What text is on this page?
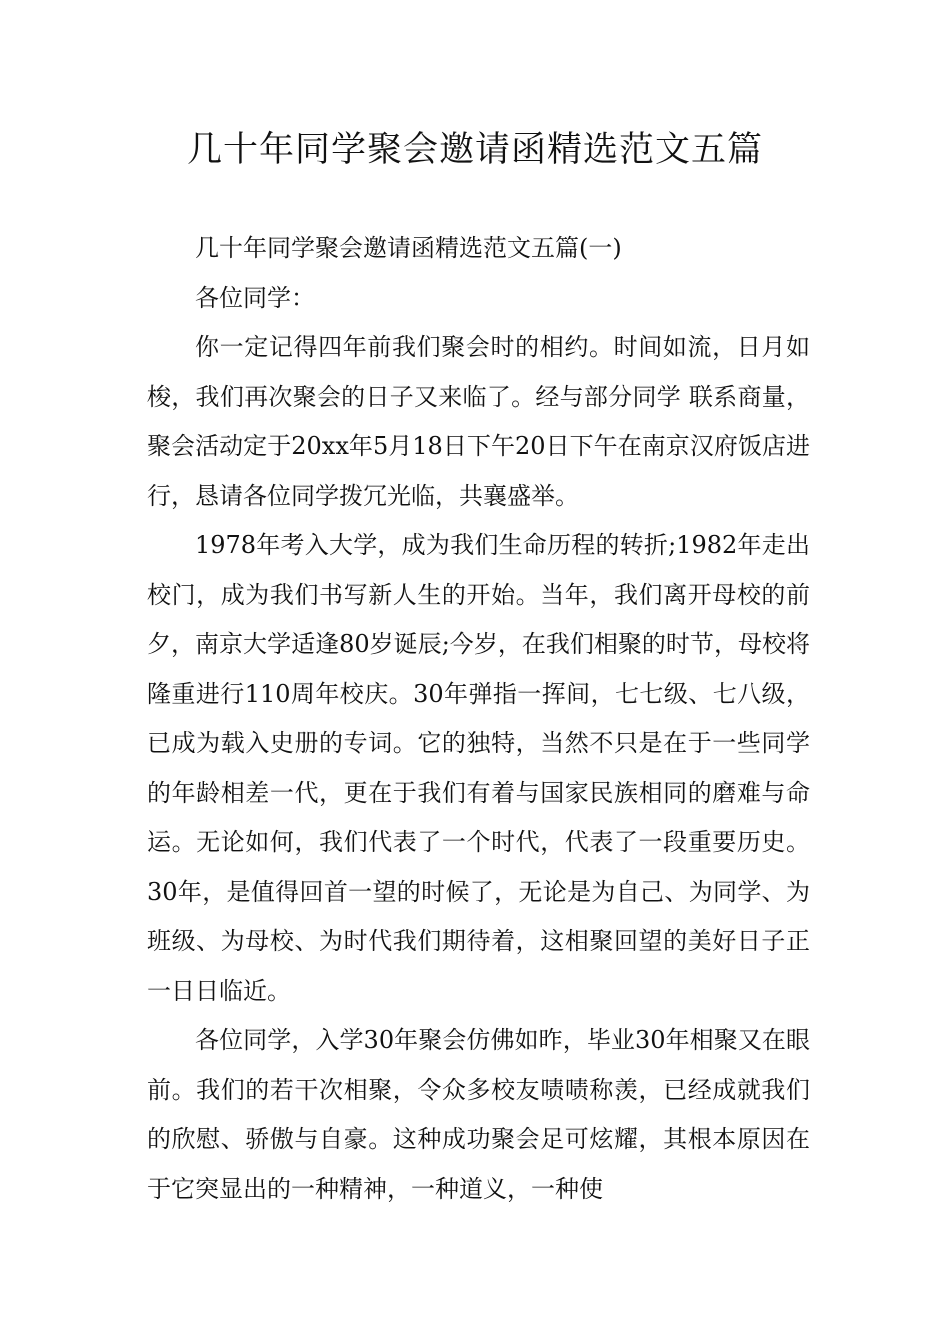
几十年同学聚会邀请函精选范文五篇

几十年同学聚会邀请函精选范文五篇(一)

各位同学：

你一定记得四年前我们聚会时的相约。时间如流，日月如梭，我们再次聚会的日子又来临了。经与部分同学 联系商量，聚会活动定于20xx年5月18日下午20日下午在南京汉府饭店进行，恳请各位同学拨冗光临，共襄盛举。

1978年考入大学，成为我们生命历程的转折;1982年走出校门，成为我们书写新人生的开始。当年，我们离开母校的前夕，南京大学适逢80岁诞辰;今岁，在我们相聚的时节，母校将隆重进行110周年校庆。30年弹指一挥间，七七级、七八级，已成为载入史册的专词。它的独特，当然不只是在于一些同学的年龄相差一代，更在于我们有着与国家民族相同的磨难与命运。无论如何，我们代表了一个时代，代表了一段重要历史。30年，是值得回首一望的时候了，无论是为自己、为同学、为班级、为母校、为时代我们期待着，这相聚回望的美好日子正一日日临近。

各位同学，入学30年聚会仿佛如昨，毕业30年相聚又在眼前。我们的若干次相聚，令众多校友啧啧称羡，已经成就我们的欣慰、骄傲与自豪。这种成功聚会足可炫耀，其根本原因在于它突显出的一种精神，一种道义，一种使
